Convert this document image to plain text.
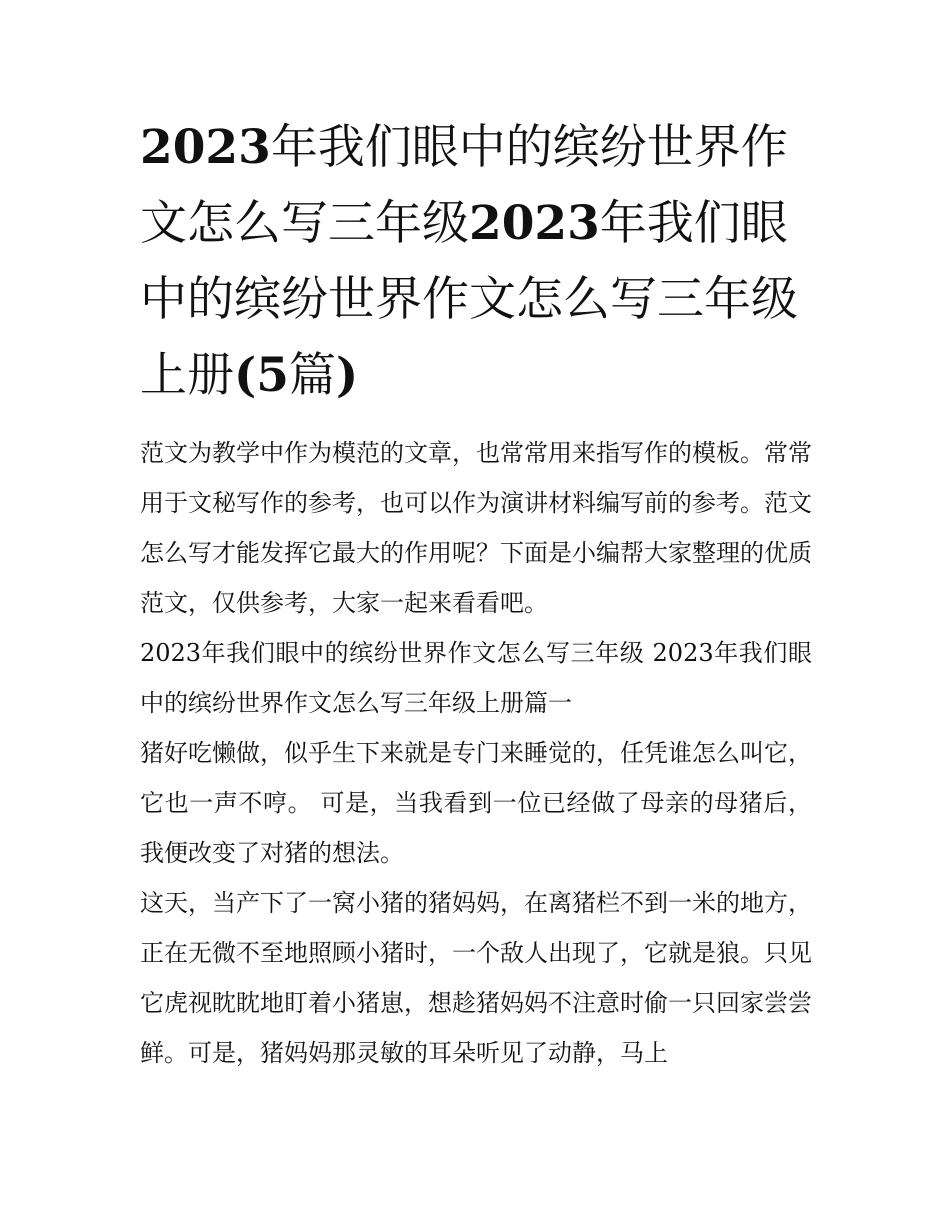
2023年我们眼中的缤纷世界作文怎么写三年级2023年我们眼中的缤纷世界作文怎么写三年级上册(5篇)

范文为教学中作为模范的文章，也常常用来指写作的模板。常常用于文秘写作的参考，也可以作为演讲材料编写前的参考。范文怎么写才能发挥它最大的作用呢？下面是小编帮大家整理的优质范文，仅供参考，大家一起来看看吧。

2023年我们眼中的缤纷世界作文怎么写三年级 2023年我们眼中的缤纷世界作文怎么写三年级上册篇一

猪好吃懒做，似乎生下来就是专门来睡觉的，任凭谁怎么叫它，它也一声不哼。 可是，当我看到一位已经做了母亲的母猪后，我便改变了对猪的想法。

这天，当产下了一窝小猪的猪妈妈，在离猪栏不到一米的地方，正在无微不至地照顾小猪时，一个敌人出现了，它就是狼。只见它虎视眈眈地盯着小猪崽，想趁猪妈妈不注意时偷一只回家尝尝鲜。可是，猪妈妈那灵敏的耳朵听见了动静，马上
